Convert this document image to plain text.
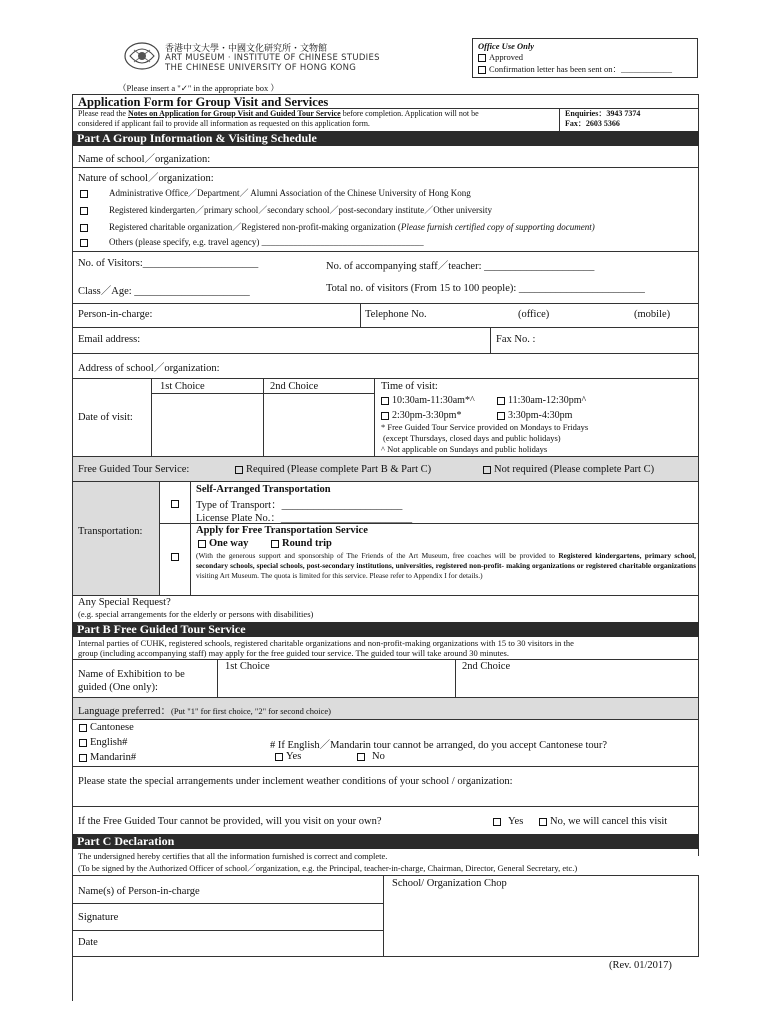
香港中文大學・中國文化研究所・文物館
ART MUSEUM · INSTITUTE OF CHINESE STUDIES
THE CHINESE UNIVERSITY OF HONG KONG
Office Use Only
Approved
Confirmation letter has been sent on：____________
（Please insert a "✓" in the appropriate box ）
Application Form for Group Visit and Services
Please read the Notes on Application for Group Visit and Guided Tour Service before completion. Application will not be
considered if applicant fail to provide all information as requested on this application form.
Enquiries：3943 7374
Fax：2603 5366
Part A Group Information & Visiting Schedule
Name of school／organization:
Nature of school／organization:
Administrative Office／Department／ Alumni Association of the Chinese University of Hong Kong
Registered kindergarten／primary school／secondary school／post-secondary institute／Other university
Registered charitable organization／Registered non-profit-making organization (Please furnish certified copy of supporting document)
Others (please specify, e.g. travel agency) ____________________________________
No. of Visitors:______________________	No. of accompanying staff／teacher: _____________________
Class／Age: ______________________	Total no. of visitors (From 15 to 100 people): ________________________
Person-in-charge:	Telephone No.	(office)	(mobile)
Email address:	Fax No. :
Address of school／organization:
1st Choice	2nd Choice
Date of visit:
Time of visit:
10:30am-11:30am*^	11:30am-12:30pm^
2:30pm-3:30pm*	3:30pm-4:30pm
* Free Guided Tour Service provided on Mondays to Fridays
(except Thursdays, closed days and public holidays)
^ Not applicable on Sundays and public holidays
Free Guided Tour Service:	Required (Please complete Part B & Part C)	Not required (Please complete Part C)
Transportation:
Self-Arranged Transportation
Type of Transport：_______________________
License Plate No.：_________________________
Apply for Free Transportation Service
One way	Round trip
(With the generous support and sponsorship of The Friends of the Art Museum, free coaches will be provided to Registered kindergartens, primary school, secondary schools, special schools, post-secondary institutions, universities, registered non-profit- making organizations or registered charitable organizations visiting Art Museum. The quota is limited for this service. Please refer to Appendix I for details.)
Any Special Request?
(e.g. special arrangements for the elderly or persons with disabilities)
Part B Free Guided Tour Service
Internal parties of CUHK, registered schools, registered charitable organizations and non-profit-making organizations with 15 to 30 visitors in the
group (including accompanying staff) may apply for the free guided tour service. The guided tour will take around 30 minutes.
Name of Exhibition to be
guided (One only):
1st Choice	2nd Choice
Language preferred：(Put "1" for first choice, "2" for second choice)
Cantonese
English#
Mandarin#
# If English／Mandarin tour cannot be arranged, do you accept Cantonese tour?
Yes	No
Please state the special arrangements under inclement weather conditions of your school / organization:
If the Free Guided Tour cannot be provided, will you visit on your own?	Yes	No, we will cancel this visit
Part C Declaration
The undersigned hereby certifies that all the information furnished is correct and complete.
(To be signed by the Authorized Officer of school／organization, e.g. the Principal, teacher-in-charge, Chairman, Director, General Secretary, etc.)
Name(s) of Person-in-charge
School/ Organization Chop
Signature
Date
(Rev. 01/2017)
